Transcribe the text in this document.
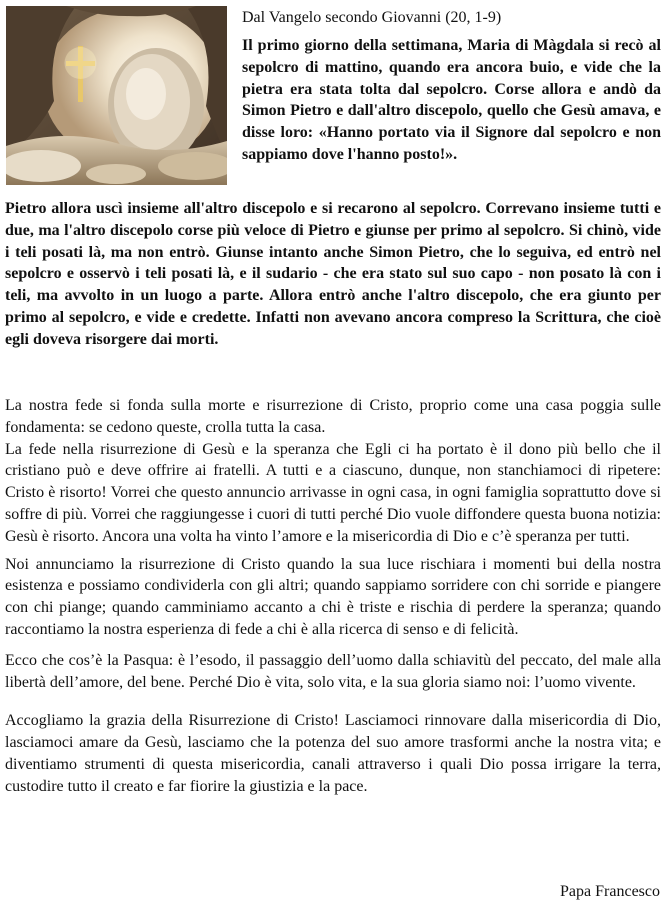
Dal Vangelo secondo Giovanni (20, 1-9)

Il primo giorno della settimana, Maria di Màgdala si recò al sepolcro di mattino, quando era ancora buio, e vide che la pietra era stata tolta dal sepolcro. Corse allora e andò da Simon Pietro e dall'altro discepolo, quello che Gesù amava, e disse loro: «Hanno portato via il Signore dal sepolcro e non sappiamo dove l'hanno posto!».

Pietro allora uscì insieme all'altro discepolo e si recarono al sepolcro. Correvano insieme tutti e due, ma l'altro discepolo corse più veloce di Pietro e giunse per primo al sepolcro. Si chinò, vide i teli posati là, ma non entrò. Giunse intanto anche Simon Pietro, che lo seguiva, ed entrò nel sepolcro e osservò i teli posati là, e il sudario - che era stato sul suo capo - non posato là con i teli, ma avvolto in un luogo a parte. Allora entrò anche l'altro discepolo, che era giunto per primo al sepolcro, e vide e credette. Infatti non avevano ancora compreso la Scrittura, che cioè egli doveva risorgere dai morti.

La nostra fede si fonda sulla morte e risurrezione di Cristo, proprio come una casa poggia sulle fondamenta: se cedono queste, crolla tutta la casa.

La fede nella risurrezione di Gesù e la speranza che Egli ci ha portato è il dono più bello che il cristiano può e deve offrire ai fratelli. A tutti e a ciascuno, dunque, non stanchiamoci di ripetere: Cristo è risorto! Vorrei che questo annuncio arrivasse in ogni casa, in ogni famiglia soprattutto dove si soffre di più. Vorrei che raggiungesse i cuori di tutti perché Dio vuole diffondere questa buona notizia: Gesù è risorto. Ancora una volta ha vinto l’amore e la misericordia di Dio e c’è speranza per tutti.

Noi annunciamo la risurrezione di Cristo quando la sua luce rischiara i momenti bui della nostra esistenza e possiamo condividerla con gli altri; quando sappiamo sorridere con chi sorride e piangere con chi piange; quando camminiamo accanto a chi è triste e rischia di perdere la speranza; quando raccontiamo la nostra esperienza di fede a chi è alla ricerca di senso e di felicità.

Ecco che cos’è la Pasqua: è l’esodo, il passaggio dell’uomo dalla schiavitù del peccato, del male alla libertà dell’amore, del bene. Perché Dio è vita, solo vita, e la sua gloria siamo noi: l’uomo vivente.

Accogliamo la grazia della Risurrezione di Cristo! Lasciamoci rinnovare dalla misericordia di Dio, lasciamoci amare da Gesù, lasciamo che la potenza del suo amore trasformi anche la nostra vita; e diventiamo strumenti di questa misericordia, canali attraverso i quali Dio possa irrigare la terra, custodire tutto il creato e far fiorire la giustizia e la pace.

Papa Francesco
